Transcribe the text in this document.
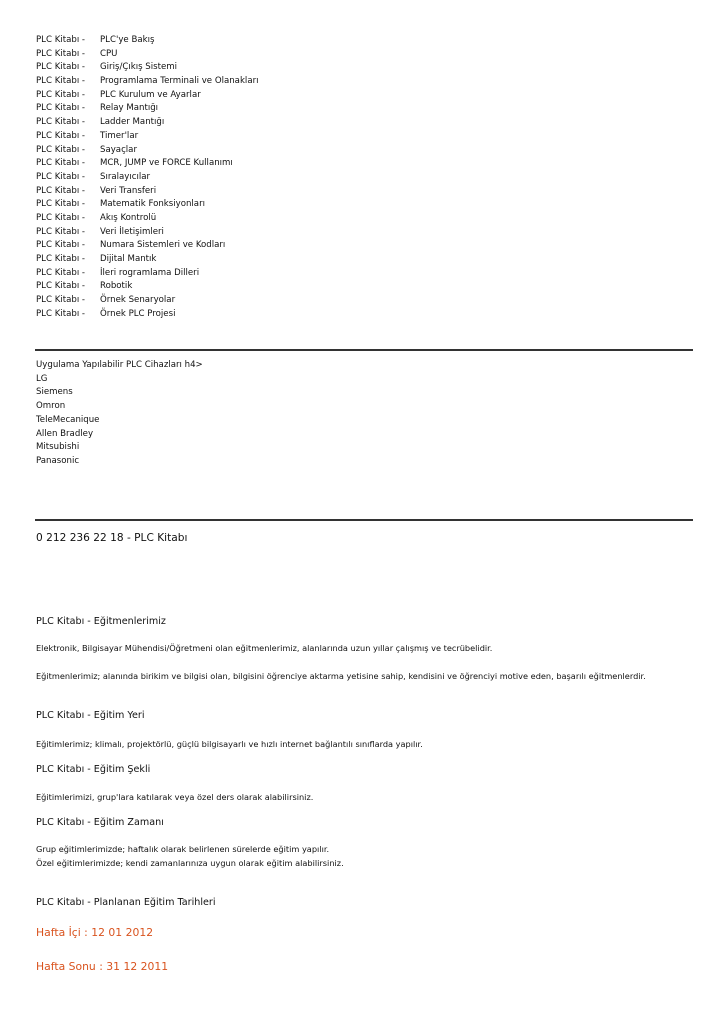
PLC Kitabı -	PLC'ye Bakış
PLC Kitabı -	CPU
PLC Kitabı -	Giriş/Çıkış Sistemi
PLC Kitabı -	Programlama Terminali ve Olanakları
PLC Kitabı -	PLC Kurulum ve Ayarlar
PLC Kitabı -	Relay Mantığı
PLC Kitabı -	Ladder Mantığı
PLC Kitabı -	Timer'lar
PLC Kitabı -	Sayaçlar
PLC Kitabı -	MCR, JUMP ve FORCE Kullanımı
PLC Kitabı -	Sıralayıcılar
PLC Kitabı -	Veri Transferi
PLC Kitabı -	Matematik Fonksiyonları
PLC Kitabı -	Akış Kontrolü
PLC Kitabı -	Veri İletişimleri
PLC Kitabı -	Numara Sistemleri ve Kodları
PLC Kitabı -	Dijital Mantık
PLC Kitabı -	İleri rogramlama Dilleri
PLC Kitabı -	Robotik
PLC Kitabı -	Örnek Senaryolar
PLC Kitabı -	Örnek PLC Projesi
Uygulama Yapılabilir PLC Cihazları h4>
LG
Siemens
Omron
TeleMecanique
Allen Bradley
Mitsubishi
Panasonic
0 212 236 22 18 - PLC Kitabı
PLC Kitabı - Eğitmenlerimiz
Elektronik, Bilgisayar Mühendisi/Öğretmeni olan eğitmenlerimiz, alanlarında uzun yıllar çalışmış ve tecrübelidir.
Eğitmenlerimiz; alanında birikim ve bilgisi olan, bilgisini öğrenciye aktarma yetisine sahip, kendisini ve öğrenciyi motive eden, başarılı eğitmenlerdir.
PLC Kitabı - Eğitim Yeri
Eğitimlerimiz; klimalı, projektörlü, güçlü bilgisayarlı ve hızlı internet bağlantılı sınıflarda yapılır.
PLC Kitabı - Eğitim Şekli
Eğitimlerimizi, grup'lara katılarak veya özel ders olarak alabilirsiniz.
PLC Kitabı - Eğitim Zamanı
Grup eğitimlerimizde; haftalık olarak belirlenen sürelerde eğitim yapılır.
Özel eğitimlerimizde; kendi zamanlarınıza uygun olarak eğitim alabilirsiniz.
PLC Kitabı - Planlanan Eğitim Tarihleri
Hafta İçi : 12 01 2012
Hafta Sonu : 31 12 2011
